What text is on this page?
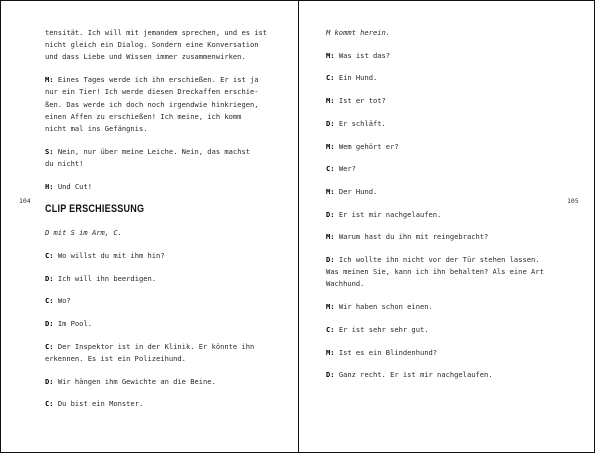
104	105
tensität. Ich will mit jemandem sprechen, und es ist
nicht gleich ein Dialog. Sondern eine Konversation
und dass Liebe und Wissen immer zusammenwirken.
M: Eines Tages werde ich ihn erschießen. Er ist ja
nur ein Tier! Ich werde diesen Dreckaffen erschie-
ßen. Das werde ich doch noch irgendwie hinkriegen,
einen Affen zu erschießen! Ich meine, ich komm
nicht mal ins Gefängnis.
S: Nein, nur über meine Leiche. Nein, das machst
du nicht!
H: Und Cut!
CLIP ERSCHIESSUNG
D mit S im Arm, C.
C: Wo willst du mit ihm hin?
D: Ich will ihn beerdigen.
C: Wo?
D: Im Pool.
C: Der Inspektor ist in der Klinik. Er könnte ihn
erkennen. Es ist ein Polizeihund.
D: Wir hängen ihm Gewichte an die Beine.
C: Du bist ein Monster.
M kommt herein.
M: Was ist das?
C: Ein Hund.
M: Ist er tot?
D: Er schläft.
M: Wem gehört er?
C: Wer?
M: Der Hund.
D: Er ist mir nachgelaufen.
M: Warum hast du ihn mit reingebracht?
D: Ich wollte ihn nicht vor der Tür stehen lassen.
Was meinen Sie, kann ich ihn behalten? Als eine Art
Wachhund.
M: Wir haben schon einen.
C: Er ist sehr sehr gut.
M: Ist es ein Blindenhund?
D: Ganz recht. Er ist mir nachgelaufen.
